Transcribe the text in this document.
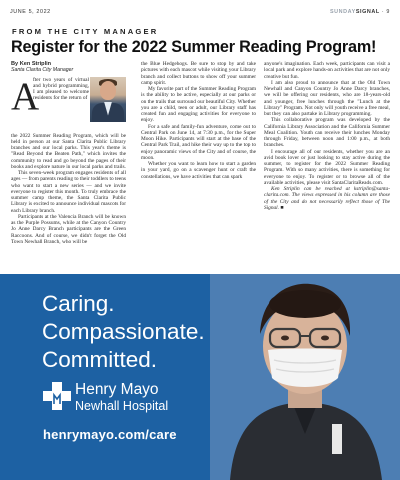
JUNE 5, 2022	SUNDAYSIGNAL · 9
FROM THE CITY MANAGER
Register for the 2022 Summer Reading Program!
By Ken Striplin
Santa Clarita City Manager
A
fter two years of virtual and hybrid programming, I am pleased to welcome residents for the return of

the 2022 Summer Reading Program, which will be held in person at our Santa Clarita Public Library branches and our local parks. This year's theme is "Read Beyond the Beaten Path," which invites the community to read and go beyond the pages of their books and explore nature in our local parks and trails.

This seven-week program engages residents of all ages — from parents reading to their toddlers to teens who want to start a new series — and we invite everyone to register this month. To truly embrace the summer camp theme, the Santa Clarita Public Library is excited to announce individual mascots for each Library branch.

Participants at the Valencia Branch will be known as the Purple Possums, while at the Canyon Country Jo Anne Darcy Branch participants are the Green Raccoons. And of course, we didn't forget the Old Town Newhall Branch, who will be

the Blue Hedgehogs. Be sure to stop by and take pictures with each mascot while visiting your Library branch and collect buttons to show off your summer camp spirit.

My favorite part of the Summer Reading Program is the ability to be active, especially at our parks or on the trails that surround our beautiful City. Whether you are a child, teen or adult, our Library staff has created fun and engaging activities for everyone to enjoy.

For a safe and family-fun adventure, come out to Central Park on June 14, at 7:30 p.m., for the Super Moon Hike. Participants will start at the base of the Central Park Trail, and hike their way up to the top to enjoy panoramic views of the City and of course, the moon.

Whether you want to learn how to start a garden in your yard, go on a scavenger hunt or craft the constellations, we have activities that can spark

anyone's imagination. Each week, participants can visit a local park and explore hands-on activities that are not only creative but fun.

I am also proud to announce that at the Old Town Newhall and Canyon Country Jo Anne Darcy branches, we will be offering our residents, who are 18-years-old and younger, free lunches through the "Lunch at the Library" Program. Not only will youth receive a free meal, but they can also partake in Library programming.

This collaborative program was developed by the California Library Association and the California Summer Meal Coalition. Youth can receive their lunches Monday through Friday, between noon and 1:00 p.m., at both branches.

I encourage all of our residents, whether you are an avid book lover or just looking to stay active during the summer, to register for the 2022 Summer Reading Program. With so many activities, there is something for everyone to enjoy. To register or to browse all of the available activities, please visit SantaClaritaReads.com.

Ken Striplin can be reached at kstriplin@santa-clarita.com. The views expressed in his column are those of the City and do not necessarily reflect those of The Signal. ■

Caring.
Compassionate.
Committed.
Henry Mayo
Newhall Hospital
henrymayo.com/care
